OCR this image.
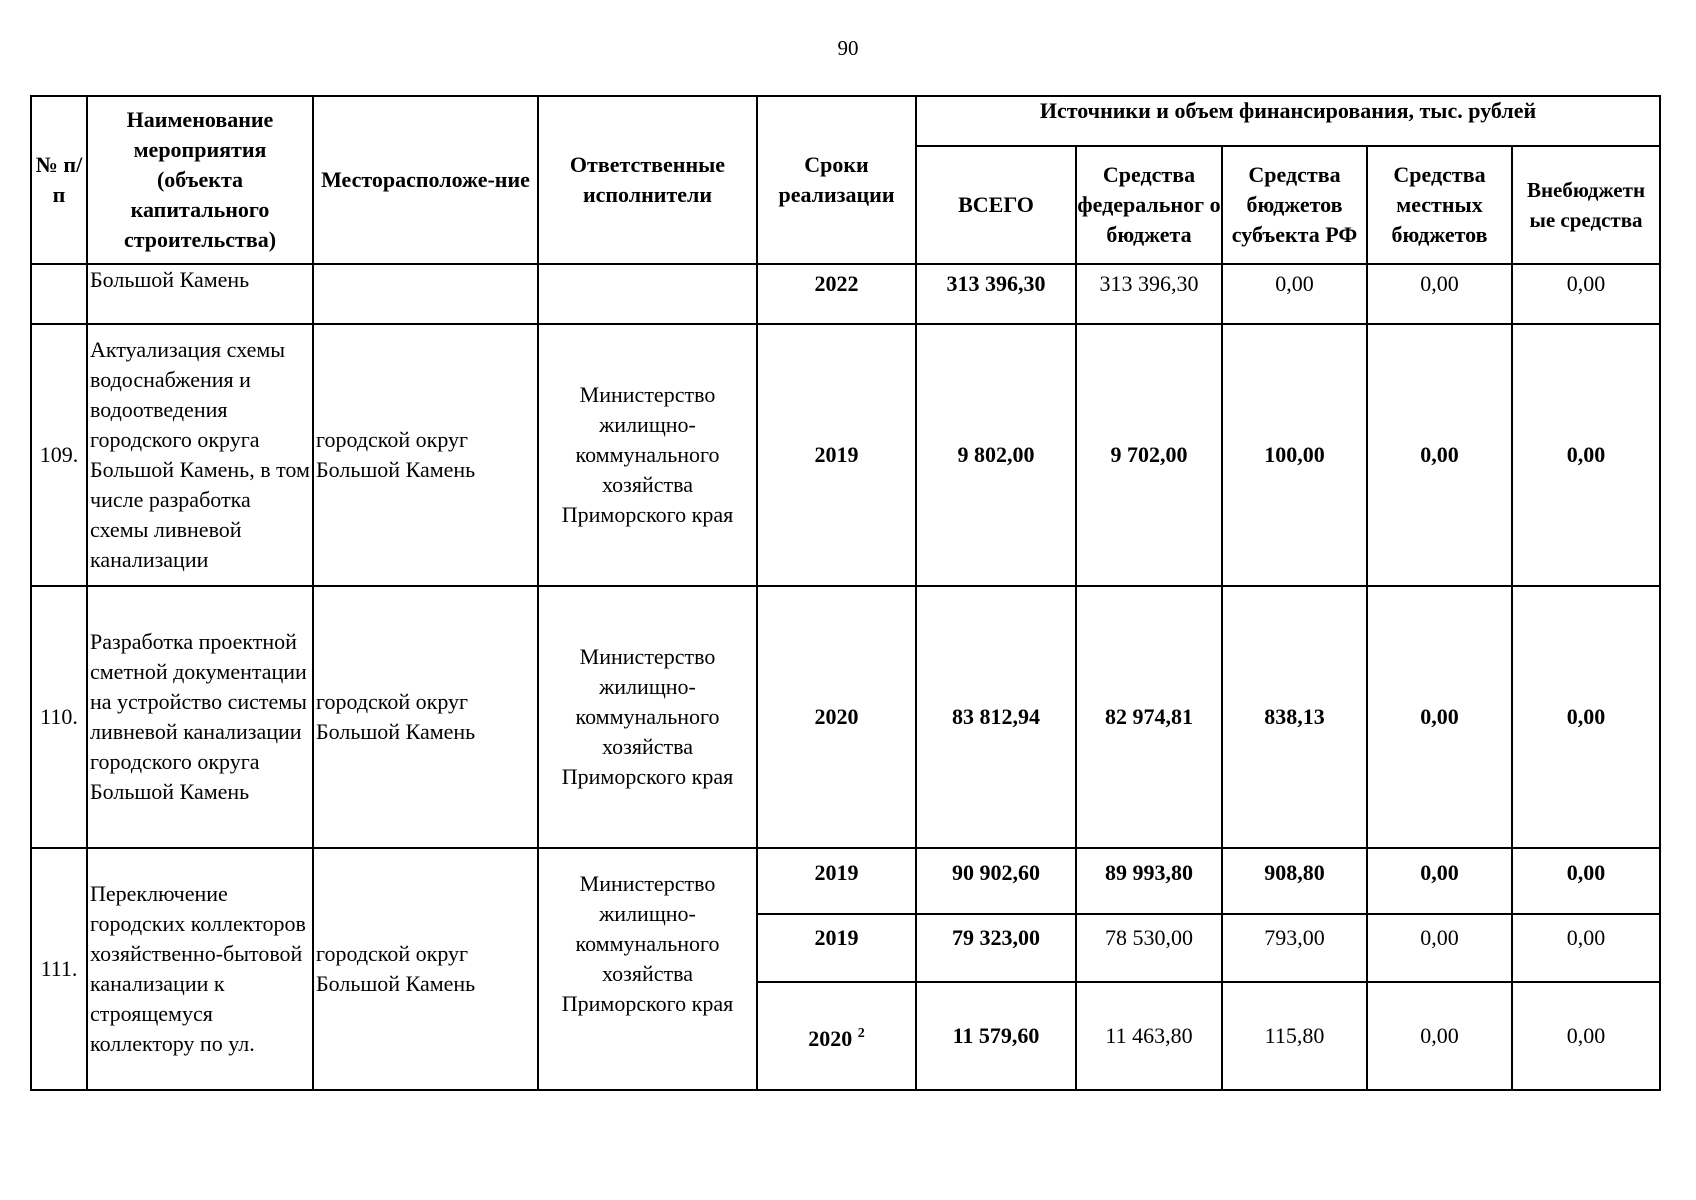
90
№ п/п	Наименование мероприятия (объекта капитального строительства)	Месторасположе-ние	Ответственные исполнители	Сроки реализации	Источники и объем финансирования, тыс. рублей				
					ВСЕГО	Средства федеральног о бюджета	Средства бюджетов субъекта РФ	Средства местных бюджетов	Внебюджетн ые средства
	Большой Камень			2022	313 396,30	313 396,30	0,00	0,00	0,00
109.	Актуализация схемы водоснабжения и водоотведения городского округа Большой Камень, в том числе разработка схемы ливневой канализации	городской округ Большой Камень	Министерство жилищно-коммунального хозяйства Приморского края	2019	9 802,00	9 702,00	100,00	0,00	0,00
110.	Разработка проектной сметной документации на устройство системы ливневой канализации городского округа Большой Камень	городской округ Большой Камень	Министерство жилищно-коммунального хозяйства Приморского края	2020	83 812,94	82 974,81	838,13	0,00	0,00
111.	Переключение городских коллекторов хозяйственно-бытовой канализации к строящемуся коллектору по ул.	городской округ Большой Камень	Министерство жилищно-коммунального хозяйства Приморского края	2019	90 902,60	89 993,80	908,80	0,00	0,00
				2019	79 323,00	78 530,00	793,00	0,00	0,00
				2020 $^2$	11 579,60	11 463,80	115,80	0,00	0,00
